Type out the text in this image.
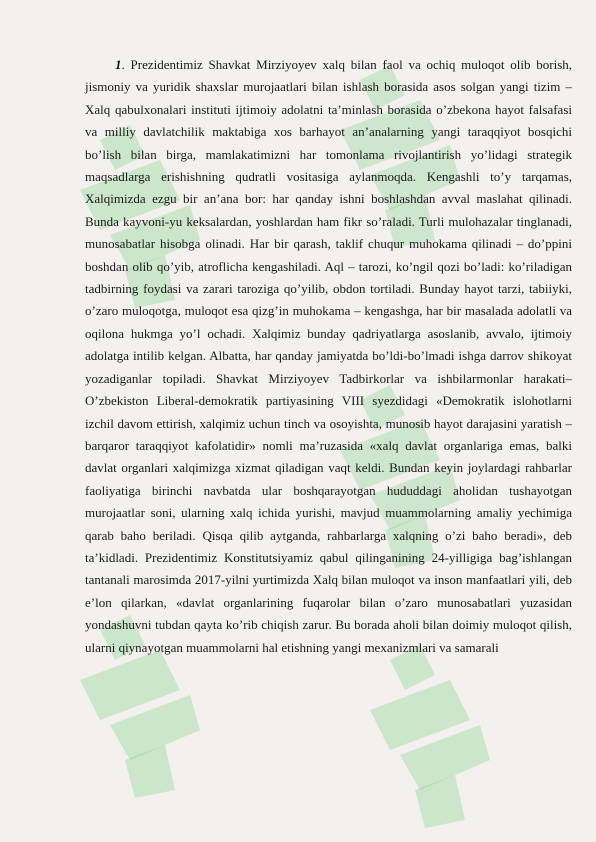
1. Prezidentimiz Shavkat Mirziyoyev xalq bilan faol va ochiq muloqot olib borish, jismoniy va yuridik shaxslar murojaatlari bilan ishlash borasida asos solgan yangi tizim – Xalq qabulxonalari instituti ijtimoiy adolatni ta’minlash borasida o’zbekona hayot falsafasi va milliy davlatchilik maktabiga xos barhayot an’analarning yangi taraqqiyot bosqichi bo’lish bilan birga, mamlakatimizni har tomonlama rivojlantirish yo’lidagi strategik maqsadlarga erishishning qudratli vositasiga aylanmoqda. Kengashli to’y tarqamas, Xalqimizda ezgu bir an’ana bor: har qanday ishni boshlashdan avval maslahat qilinadi. Bunda kayvoni-yu keksalardan, yoshlardan ham fikr so’raladi. Turli mulohazalar tinglanadi, munosabatlar hisobga olinadi. Har bir qarash, taklif chuqur muhokama qilinadi – do’ppini boshdan olib qo’yib, atroflicha kengashiladi. Aql – tarozi, ko’ngil qozi bo’ladi: ko’riladigan tadbirning foydasi va zarari taroziga qo’yilib, obdon tortiladi. Bunday hayot tarzi, tabiiyki, o’zaro muloqotga, muloqot esa qizg’in muhokama – kengashga, har bir masalada adolatli va oqilona hukmga yo’l ochadi. Xalqimiz bunday qadriyatlarga asoslanib, avvalo, ijtimoiy adolatga intilib kelgan. Albatta, har qanday jamiyatda bo’ldi-bo’lmadi ishga darrov shikoyat yozadiganlar topiladi. Shavkat Mirziyoyev Tadbirkorlar va ishbilarmonlar harakati– O’zbekiston Liberal-demokratik partiyasining VIII syezdidagi «Demokratik islohotlarni izchil davom ettirish, xalqimiz uchun tinch va osoyishta, munosib hayot darajasini yaratish – barqaror taraqqiyot kafolatidir» nomli ma’ruzasida «xalq davlat organlariga emas, balki davlat organlari xalqimizga xizmat qiladigan vaqt keldi. Bundan keyin joylardagi rahbarlar faoliyatiga birinchi navbatda ular boshqarayotgan hududdagi aholidan tushayotgan murojaatlar soni, ularning xalq ichida yurishi, mavjud muammolarning amaliy yechimiga qarab baho beriladi. Qisqa qilib aytganda, rahbarlarga xalqning o’zi baho beradi», deb ta’kidladi. Prezidentimiz Konstitutsiyamiz qabul qilinganining 24-yilligiga bag’ishlangan tantanali marosimda 2017-yilni yurtimizda Xalq bilan muloqot va inson manfaatlari yili, deb e’lon qilarkan, «davlat organlarining fuqarolar bilan o’zaro munosabatlari yuzasidan yondashuvni tubdan qayta ko’rib chiqish zarur. Bu borada aholi bilan doimiy muloqot qilish, ularni qiynayotgan muammolarni hal etishning yangi mexanizmlari va samarali
